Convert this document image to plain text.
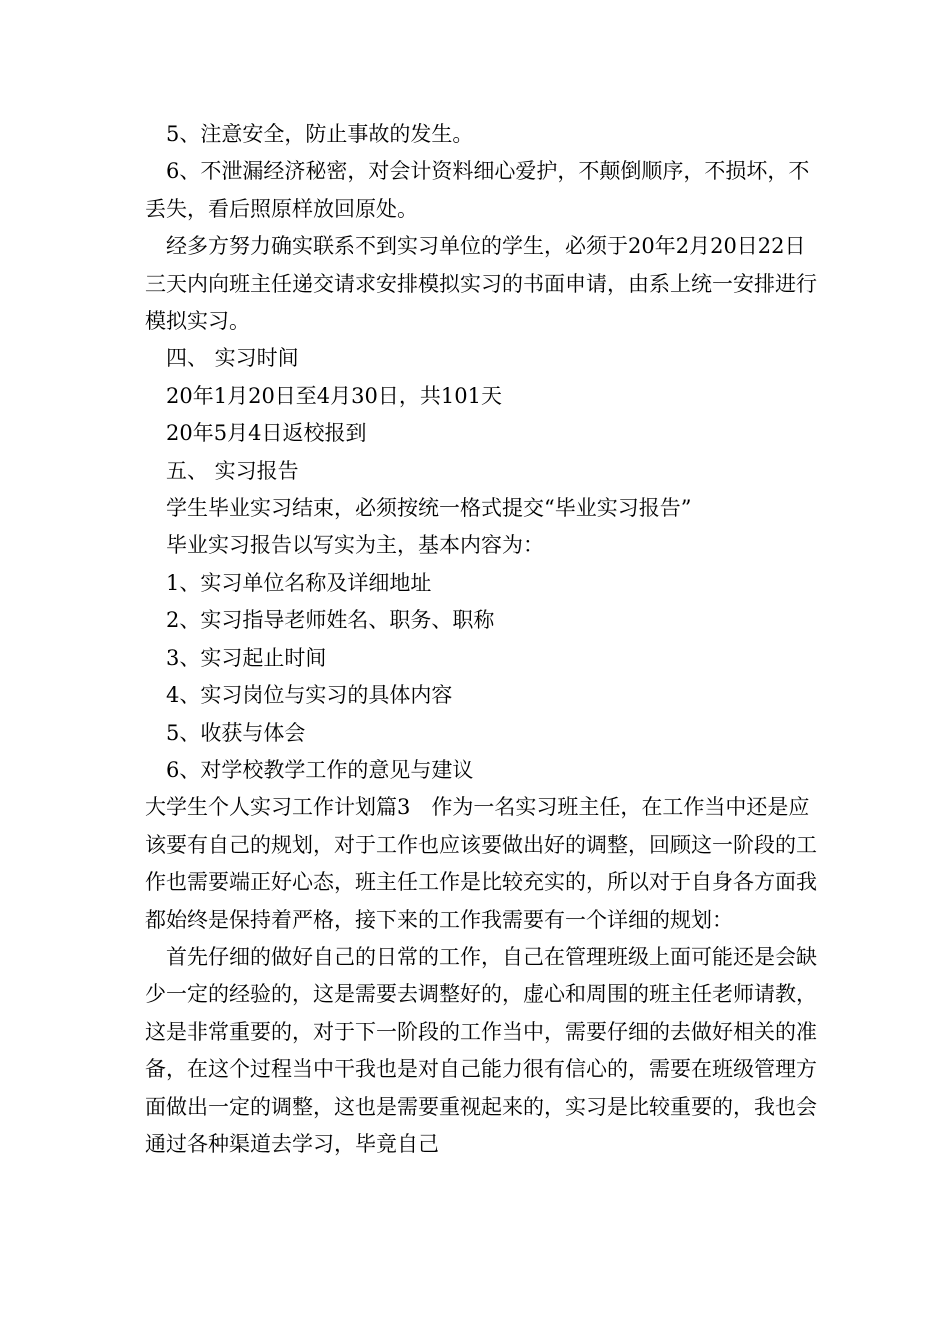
5、注意安全，防止事故的发生。

6、不泄漏经济秘密，对会计资料细心爱护，不颠倒顺序，不损坏，不丢失，看后照原样放回原处。

经多方努力确实联系不到实习单位的学生，必须于20年2月20日22日三天内向班主任递交请求安排模拟实习的书面申请，由系上统一安排进行模拟实习。

四、 实习时间

20年1月20日至4月30日，共101天

20年5月4日返校报到

五、 实习报告

学生毕业实习结束，必须按统一格式提交“毕业实习报告”

毕业实习报告以写实为主，基本内容为：

1、实习单位名称及详细地址

2、实习指导老师姓名、职务、职称

3、实习起止时间

4、实习岗位与实习的具体内容

5、收获与体会

6、对学校教学工作的意见与建议

大学生个人实习工作计划篇3　作为一名实习班主任，在工作当中还是应该要有自己的规划，对于工作也应该要做出好的调整，回顾这一阶段的工作也需要端正好心态，班主任工作是比较充实的，所以对于自身各方面我都始终是保持着严格，接下来的工作我需要有一个详细的规划：

首先仔细的做好自己的日常的工作，自己在管理班级上面可能还是会缺少一定的经验的，这是需要去调整好的，虚心和周围的班主任老师请教，这是非常重要的，对于下一阶段的工作当中，需要仔细的去做好相关的准备，在这个过程当中干我也是对自己能力很有信心的，需要在班级管理方面做出一定的调整，这也是需要重视起来的，实习是比较重要的，我也会通过各种渠道去学习，毕竟自己
